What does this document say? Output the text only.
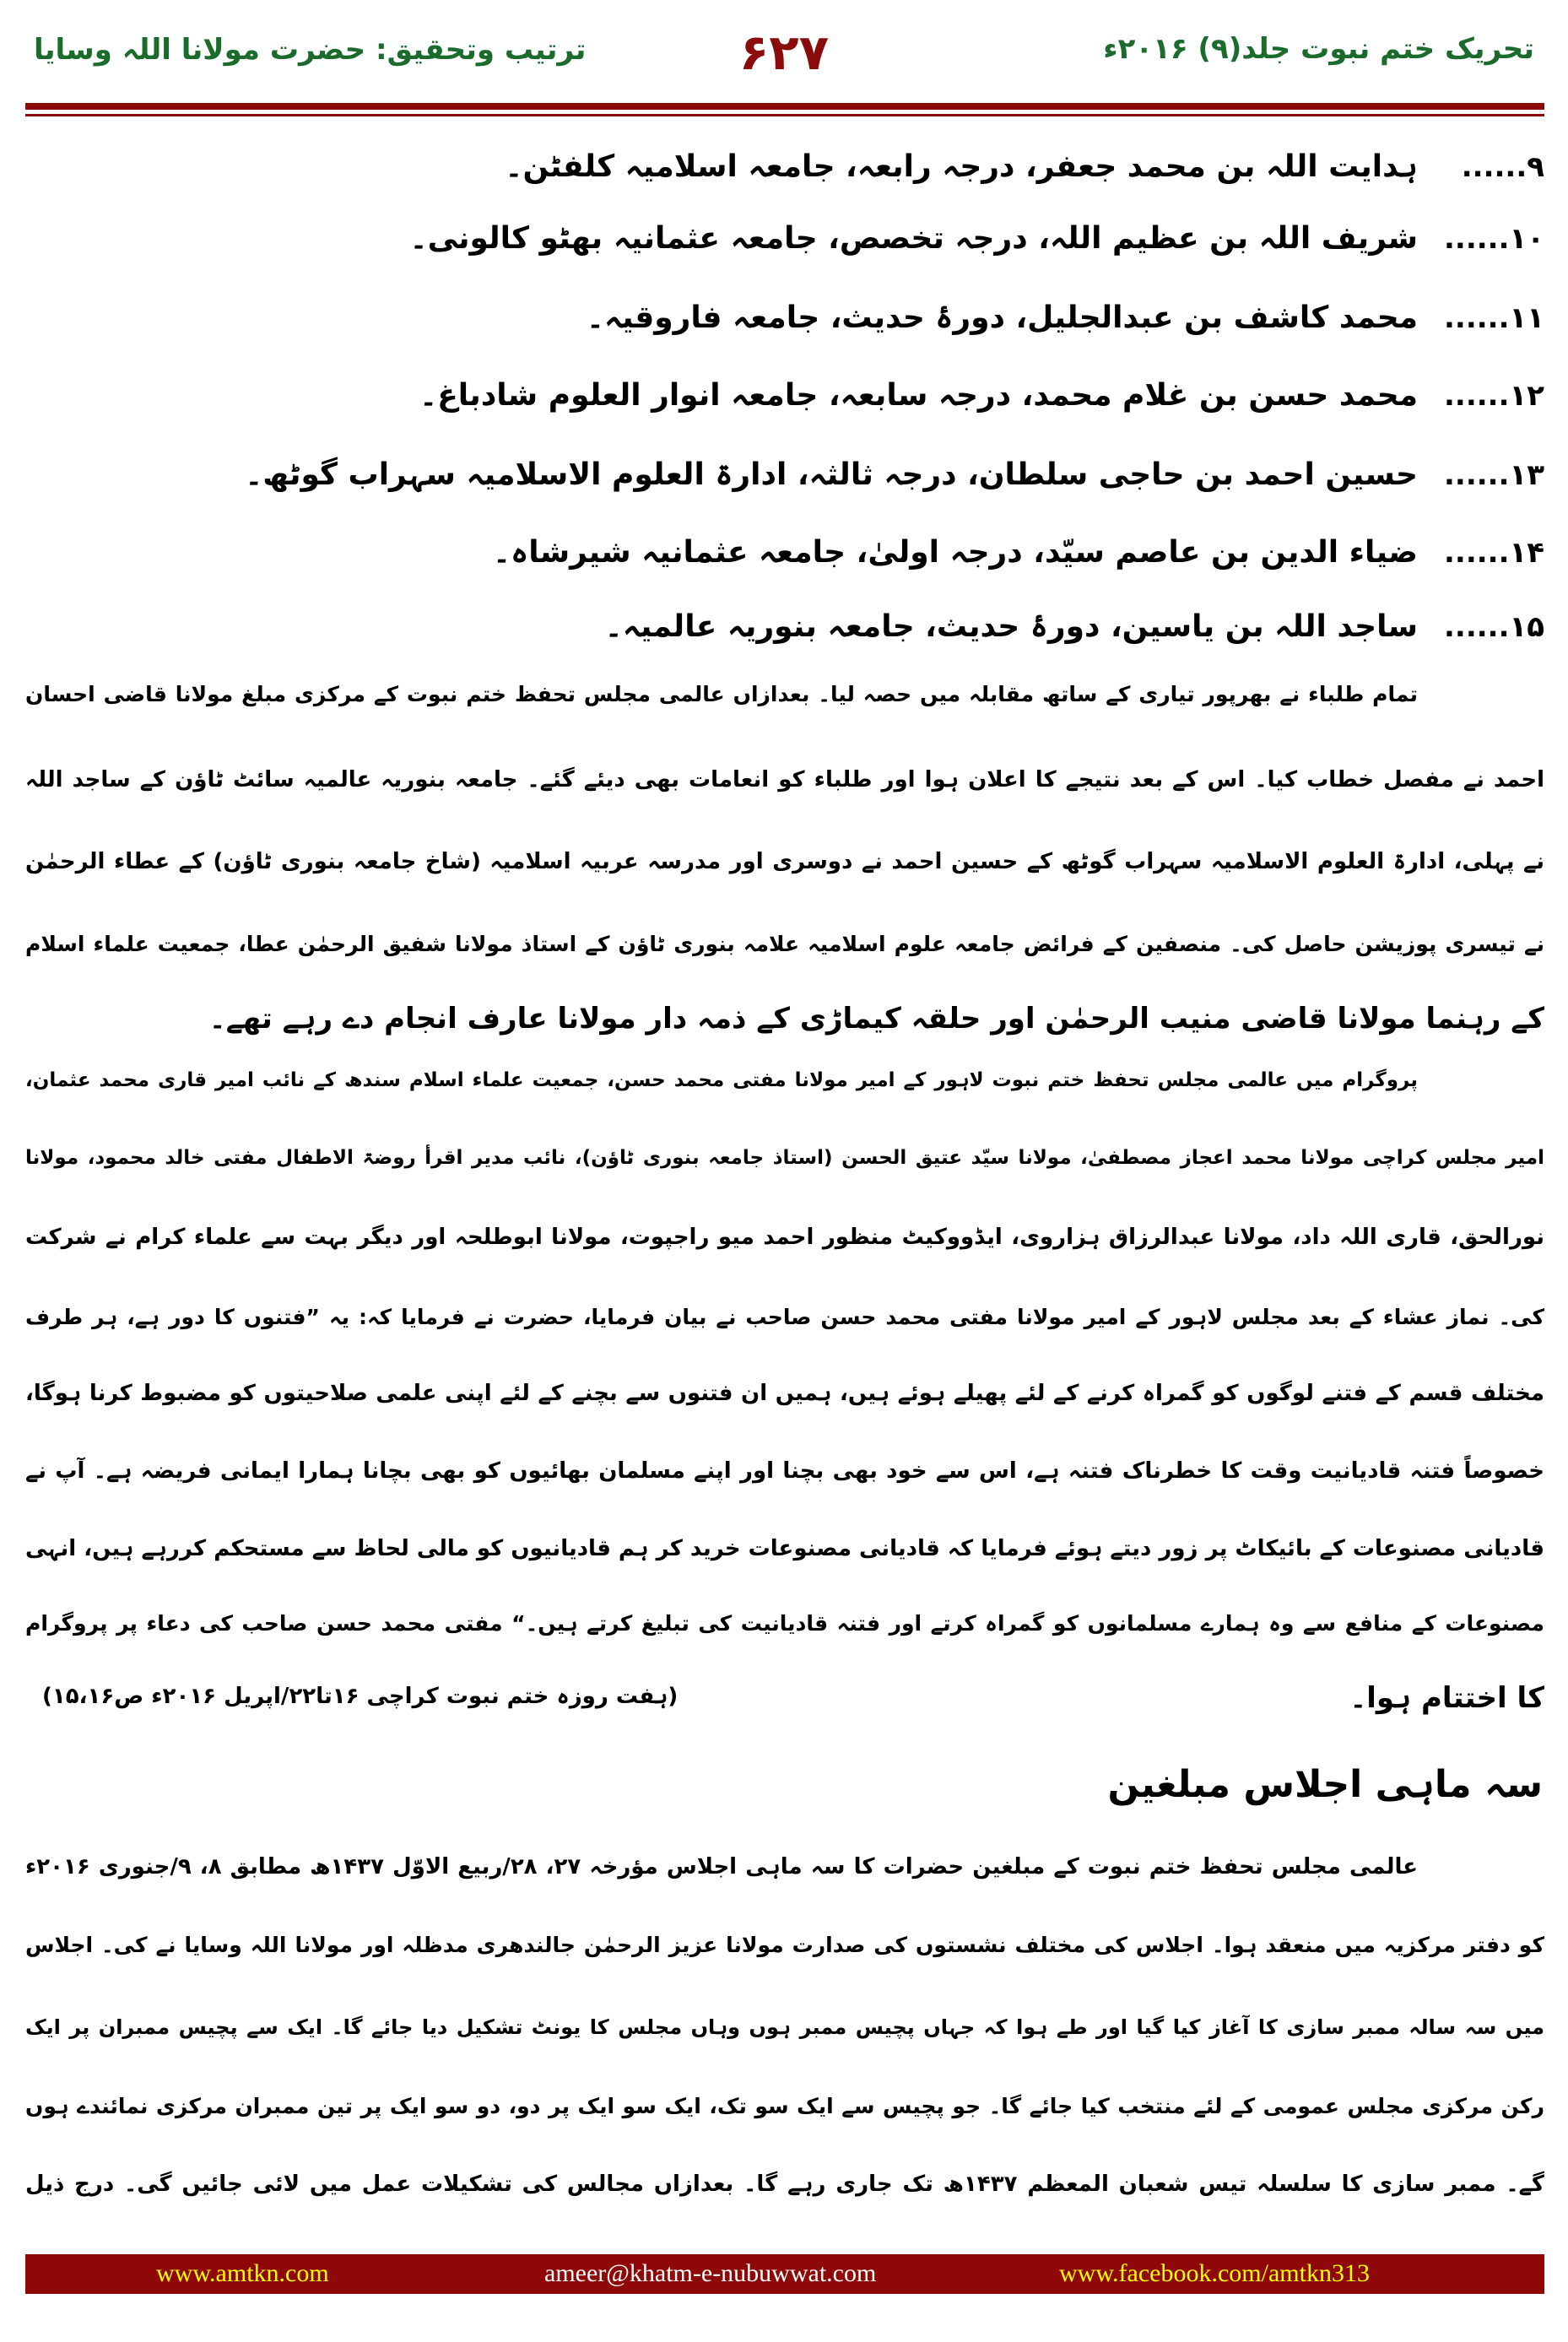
تحریک ختم نبوت جلد(۹) ۲۰۱۶ء
۶۲۷
ترتیب وتحقیق: حضرت مولانا اللہ وسایا
۹......
ہدایت اللہ بن محمد جعفر، درجہ رابعہ، جامعہ اسلامیہ کلفٹن۔
۱۰......
شریف اللہ بن عظیم اللہ، درجہ تخصص، جامعہ عثمانیہ بھٹو کالونی۔
۱۱......
محمد کاشف بن عبدالجلیل، دورۂ حدیث، جامعہ فاروقیہ۔
۱۲......
محمد حسن بن غلام محمد، درجہ سابعہ، جامعہ انوار العلوم شادباغ۔
۱۳......
حسین احمد بن حاجی سلطان، درجہ ثالثہ، ادارۃ العلوم الاسلامیہ سہراب گوٹھ۔
۱۴......
ضیاء الدین بن عاصم سیّد، درجہ اولیٰ، جامعہ عثمانیہ شیرشاہ۔
۱۵......
ساجد اللہ بن یاسین، دورۂ حدیث، جامعہ بنوریہ عالمیہ۔
تمام طلباء نے بھرپور تیاری کے ساتھ مقابلہ میں حصہ لیا۔ بعدازاں عالمی مجلس تحفظ ختم نبوت کے مرکزی مبلغ مولانا قاضی احسان
احمد نے مفصل خطاب کیا۔ اس کے بعد نتیجے کا اعلان ہوا اور طلباء کو انعامات بھی دیئے گئے۔ جامعہ بنوریہ عالمیہ سائٹ ٹاؤن کے ساجد اللہ
نے پہلی، ادارۃ العلوم الاسلامیہ سہراب گوٹھ کے حسین احمد نے دوسری اور مدرسہ عربیہ اسلامیہ (شاخ جامعہ بنوری ٹاؤن) کے عطاء الرحمٰن
نے تیسری پوزیشن حاصل کی۔ منصفین کے فرائض جامعہ علوم اسلامیہ علامہ بنوری ٹاؤن کے استاذ مولانا شفیق الرحمٰن عطا، جمعیت علماء اسلام
کے رہنما مولانا قاضی منیب الرحمٰن اور حلقہ کیماڑی کے ذمہ دار مولانا عارف انجام دے رہے تھے۔
پروگرام میں عالمی مجلس تحفظ ختم نبوت لاہور کے امیر مولانا مفتی محمد حسن، جمعیت علماء اسلام سندھ کے نائب امیر قاری محمد عثمان،
امیر مجلس کراچی مولانا محمد اعجاز مصطفیٰ، مولانا سیّد عتیق الحسن (استاذ جامعہ بنوری ٹاؤن)، نائب مدیر اقرأ روضۃ الاطفال مفتی خالد محمود، مولانا
نورالحق، قاری اللہ داد، مولانا عبدالرزاق ہزاروی، ایڈووکیٹ منظور احمد میو راجپوت، مولانا ابوطلحہ اور دیگر بہت سے علماء کرام نے شرکت
کی۔ نماز عشاء کے بعد مجلس لاہور کے امیر مولانا مفتی محمد حسن صاحب نے بیان فرمایا، حضرت نے فرمایا کہ: یہ ”فتنوں کا دور ہے، ہر طرف
مختلف قسم کے فتنے لوگوں کو گمراہ کرنے کے لئے پھیلے ہوئے ہیں، ہمیں ان فتنوں سے بچنے کے لئے اپنی علمی صلاحیتوں کو مضبوط کرنا ہوگا،
خصوصاً فتنہ قادیانیت وقت کا خطرناک فتنہ ہے، اس سے خود بھی بچنا اور اپنے مسلمان بھائیوں کو بھی بچانا ہمارا ایمانی فریضہ ہے۔ آپ نے
قادیانی مصنوعات کے بائیکاٹ پر زور دیتے ہوئے فرمایا کہ قادیانی مصنوعات خرید کر ہم قادیانیوں کو مالی لحاظ سے مستحکم کررہے ہیں، انہی
مصنوعات کے منافع سے وہ ہمارے مسلمانوں کو گمراہ کرتے اور فتنہ قادیانیت کی تبلیغ کرتے ہیں۔“ مفتی محمد حسن صاحب کی دعاء پر پروگرام
کا اختتام ہوا۔
عالمی مجلس تحفظ ختم نبوت کے مبلغین حضرات کا سہ ماہی اجلاس مؤرخہ ۲۷، ۲۸/ربیع الاوّل ۱۴۳۷ھ مطابق ۸، ۹/جنوری ۲۰۱۶ء
کو دفتر مرکزیہ میں منعقد ہوا۔ اجلاس کی مختلف نشستوں کی صدارت مولانا عزیز الرحمٰن جالندھری مدظلہ اور مولانا اللہ وسایا نے کی۔ اجلاس
میں سہ سالہ ممبر سازی کا آغاز کیا گیا اور طے ہوا کہ جہاں پچیس ممبر ہوں وہاں مجلس کا یونٹ تشکیل دیا جائے گا۔ ایک سے پچیس ممبران پر ایک
رکن مرکزی مجلس عمومی کے لئے منتخب کیا جائے گا۔ جو پچیس سے ایک سو تک، ایک سو ایک پر دو، دو سو ایک پر تین ممبران مرکزی نمائندے ہوں
گے۔ ممبر سازی کا سلسلہ تیس شعبان المعظم ۱۴۳۷ھ تک جاری رہے گا۔ بعدازاں مجالس کی تشکیلات عمل میں لائی جائیں گی۔ درج ذیل
سہ ماہی اجلاس مبلغین
(ہفت روزہ ختم نبوت کراچی ۱۶تا۲۲/اپریل ۲۰۱۶ء ص۱۵،۱۶)
www.amtkn.com	ameer@khatm-e-nubuwwat.com	www.facebook.com/amtkn313
